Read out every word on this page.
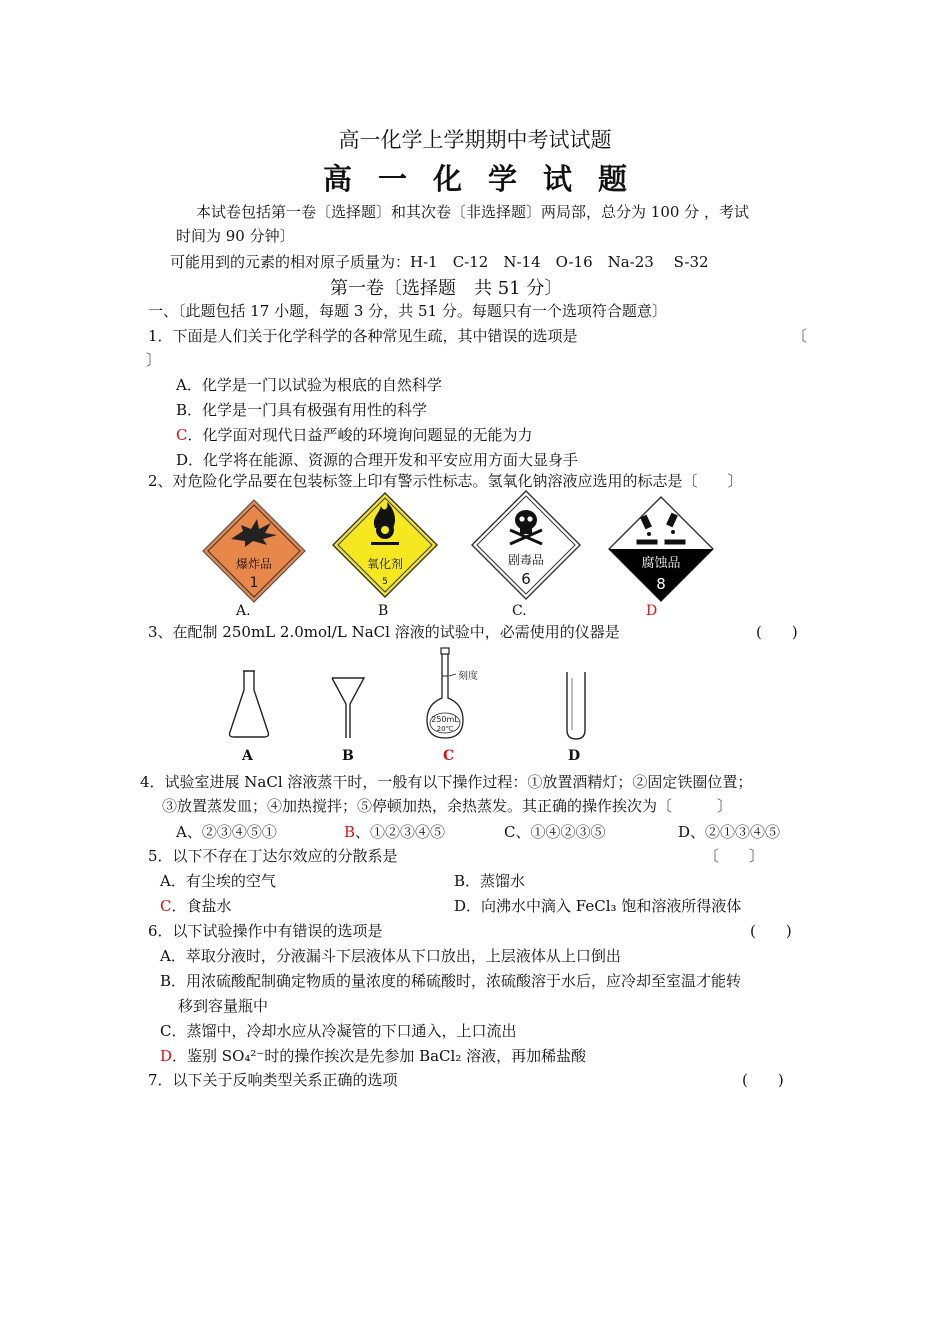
高一化学上学期期中考试试题
高一化学试题
本试卷包括第一卷〔选择题〕和其次卷〔非选择题〕两局部，总分为 100 分 ，考试
时间为 90 分钟〕
可能用到的元素的相对原子质量为：H-1　C-12　N-14　O-16　Na-23　 S-32
第一卷〔选择题　共 51 分〕
一、〔此题包括 17 小题，每题 3 分，共 51 分。每题只有一个选项符合题意〕
1．下面是人们关于化学科学的各种常见生疏，其中错误的选项是	〔
〕
A．化学是一门以试验为根底的自然科学
B．化学是一门具有极强有用性的科学
C．化学面对现代日益严峻的环境询问题显的无能为力
D．化学将在能源、资源的合理开发和平安应用方面大显身手
2、对危险化学品要在包装标签上印有警示性标志。氢氧化钠溶液应选用的标志是〔　　〕
爆炸品
1
氧化剂
5
剧毒品
6
腐蚀品
8
A.	B	C.	D
3、在配制 250mL 2.0mol/L NaCl 溶液的试验中，必需使用的仪器是	(　　)
刻度
250mL
20℃
A	B	C	D
4．试验室进展 NaCl 溶液蒸干时，一般有以下操作过程：①放置酒精灯；②固定铁圈位置；
③放置蒸发皿；④加热搅拌；⑤停顿加热，余热蒸发。其正确的操作挨次为〔　　　〕
A、②③④⑤①	B、①②③④⑤	C、①④②③⑤	D、②①③④⑤
5．以下不存在丁达尔效应的分散系是	〔　　〕
A．有尘埃的空气	B．蒸馏水
C．食盐水	D．向沸水中滴入 FeCl₃ 饱和溶液所得液体
6．以下试验操作中有错误的选项是	(　　)
A．萃取分液时，分液漏斗下层液体从下口放出，上层液体从上口倒出
B．用浓硫酸配制确定物质的量浓度的稀硫酸时，浓硫酸溶于水后，应冷却至室温才能转
移到容量瓶中
C．蒸馏中，冷却水应从冷凝管的下口通入，上口流出
D．鉴别 SO₄²⁻时的操作挨次是先参加 BaCl₂ 溶液，再加稀盐酸
7．以下关于反响类型关系正确的选项	(　　)
